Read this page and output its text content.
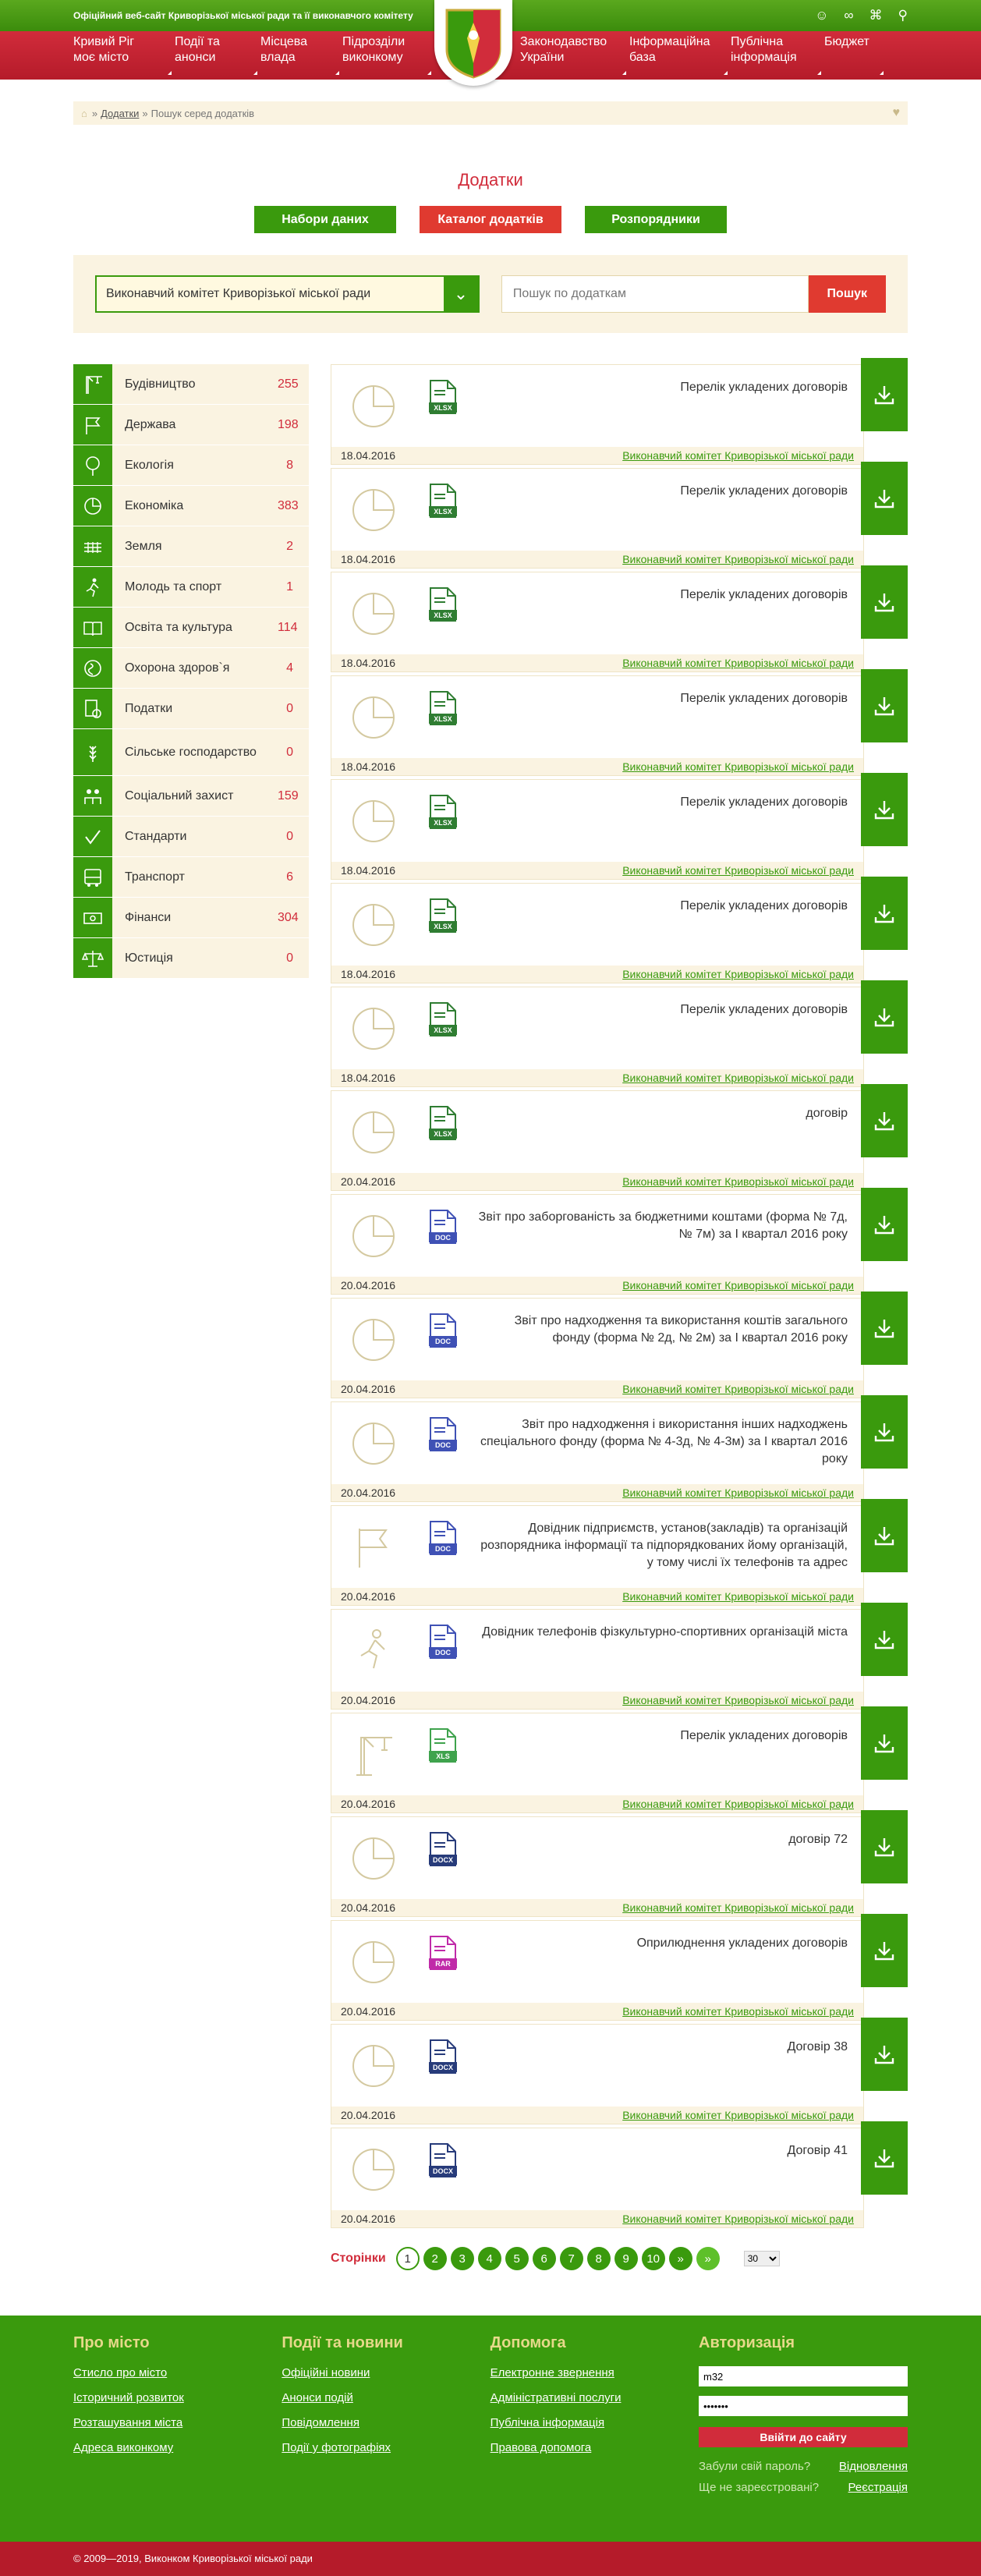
Офіційний веб-сайт Криворізької міської ради та її виконавчого комітету	☺ ∞ ⌘ ⚲
Кривий Ріг
моє місто
Події та
анонси
Місцева
влада
Підрозділи
виконкому
Законодавство
України
Інформаційна
база
Публічна
інформація
Бюджет
⌂ » Додатки » Пошук серед додатків	♥
Додатки
Набори даних	Каталог додатків	Розпорядники
Виконавчий комітет Криворізької міської ради	⌄
Пошук по додаткам	Пошук
Будівництво	255
Держава	198
Екологія	8
Економіка	383
Земля	2
Молодь та спорт	1
Освіта та культура	114
Охорона здоров`я	4
Податки	0
Сільське господарство	0
Соціальний захист	159
Стандарти	0
Транспорт	6
Фінанси	304
Юстиція	0
XLSX
Перелік укладених договорів
18.04.2016	Виконавчий комітет Криворізької міської ради
XLSX
Перелік укладених договорів
18.04.2016	Виконавчий комітет Криворізької міської ради
XLSX
Перелік укладених договорів
18.04.2016	Виконавчий комітет Криворізької міської ради
XLSX
Перелік укладених договорів
18.04.2016	Виконавчий комітет Криворізької міської ради
XLSX
Перелік укладених договорів
18.04.2016	Виконавчий комітет Криворізької міської ради
XLSX
Перелік укладених договорів
18.04.2016	Виконавчий комітет Криворізької міської ради
XLSX
Перелік укладених договорів
18.04.2016	Виконавчий комітет Криворізької міської ради
XLSX
договір
20.04.2016	Виконавчий комітет Криворізької міської ради
DOC
Звіт про заборгованість за бюджетними коштами (форма № 7д, № 7м) за І квартал 2016 року
20.04.2016	Виконавчий комітет Криворізької міської ради
DOC
Звіт про надходження та використання коштів загального фонду (форма № 2д, № 2м) за І квартал 2016 року
20.04.2016	Виконавчий комітет Криворізької міської ради
DOC
Звіт про надходження і використання інших надходжень спеціального фонду (форма № 4-3д, № 4-3м) за І квартал 2016 року
20.04.2016	Виконавчий комітет Криворізької міської ради
DOC
Довідник підприємств, установ(закладів) та організацій розпорядника інформації та підпорядкованих йому організацій, у тому числі їх телефонів та адрес
20.04.2016	Виконавчий комітет Криворізької міської ради
DOC
Довідник телефонів фізкультурно-спортивних організацій міста
20.04.2016	Виконавчий комітет Криворізької міської ради
XLS
Перелік укладених договорів
20.04.2016	Виконавчий комітет Криворізької міської ради
DOCX
договір 72
20.04.2016	Виконавчий комітет Криворізької міської ради
RAR
Оприлюднення укладених договорів
20.04.2016	Виконавчий комітет Криворізької міської ради
DOCX
Договір 38
20.04.2016	Виконавчий комітет Криворізької міської ради
DOCX
Договір 41
20.04.2016	Виконавчий комітет Криворізької міської ради
Сторінки	1	2	3	4	5	6	7	8	9	10	»	»
30
Про місто
Стисло про місто
Історичний розвиток
Розташування міста
Адреса виконкому
Події та новини
Офіційні новини
Анонси подій
Повідомлення
Події у фотографіях
Допомога
Електронне звернення
Адміністративні послуги
Публічна інформація
Правова допомога
Авторизація
m32
••••••• Ввійти до сайту
Забули свій пароль? Відновлення
Ще не зареєстровані? Реєстрація
© 2009—2019, Виконком Криворізької міської ради
